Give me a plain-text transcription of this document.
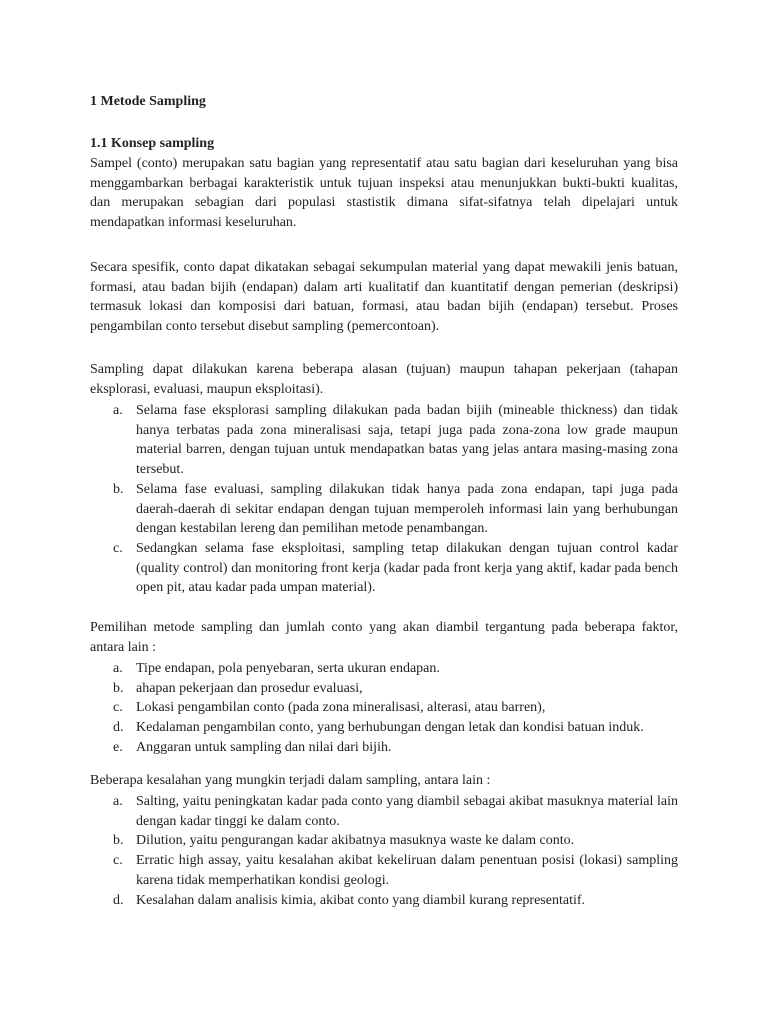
1 Metode Sampling
1.1 Konsep sampling

Sampel (conto) merupakan satu bagian yang representatif atau satu bagian dari keseluruhan yang bisa menggambarkan berbagai karakteristik untuk tujuan inspeksi atau menunjukkan bukti-bukti kualitas, dan merupakan sebagian dari populasi stastistik dimana sifat-sifatnya telah dipelajari untuk mendapatkan informasi keseluruhan.

Secara spesifik, conto dapat dikatakan sebagai sekumpulan material yang dapat mewakili jenis batuan, formasi, atau badan bijih (endapan) dalam arti kualitatif dan kuantitatif dengan pemerian (deskripsi) termasuk lokasi dan komposisi dari batuan, formasi, atau badan bijih (endapan) tersebut. Proses pengambilan conto tersebut disebut sampling (pemercontoan).

Sampling dapat dilakukan karena beberapa alasan (tujuan) maupun tahapan pekerjaan (tahapan eksplorasi, evaluasi, maupun eksploitasi).

a. Selama fase eksplorasi sampling dilakukan pada badan bijih (mineable thickness) dan tidak hanya terbatas pada zona mineralisasi saja, tetapi juga pada zona-zona low grade maupun material barren, dengan tujuan untuk mendapatkan batas yang jelas antara masing-masing zona tersebut.
b. Selama fase evaluasi, sampling dilakukan tidak hanya pada zona endapan, tapi juga pada daerah-daerah di sekitar endapan dengan tujuan memperoleh informasi lain yang berhubungan dengan kestabilan lereng dan pemilihan metode penambangan.
c. Sedangkan selama fase eksploitasi, sampling tetap dilakukan dengan tujuan control kadar (quality control) dan monitoring front kerja (kadar pada front kerja yang aktif, kadar pada bench open pit, atau kadar pada umpan material).

Pemilihan metode sampling dan jumlah conto yang akan diambil tergantung pada beberapa faktor, antara lain :

a. Tipe endapan, pola penyebaran, serta ukuran endapan.
b. ahapan pekerjaan dan prosedur evaluasi,
c. Lokasi pengambilan conto (pada zona mineralisasi, alterasi, atau barren),
d. Kedalaman pengambilan conto, yang berhubungan dengan letak dan kondisi batuan induk.
e. Anggaran untuk sampling dan nilai dari bijih.

Beberapa kesalahan yang mungkin terjadi dalam sampling, antara lain :

a. Salting, yaitu peningkatan kadar pada conto yang diambil sebagai akibat masuknya material lain dengan kadar tinggi ke dalam conto.
b. Dilution, yaitu pengurangan kadar akibatnya masuknya waste ke dalam conto.
c. Erratic high assay, yaitu kesalahan akibat kekeliruan dalam penentuan posisi (lokasi) sampling karena tidak memperhatikan kondisi geologi.
d. Kesalahan dalam analisis kimia, akibat conto yang diambil kurang representatif.
